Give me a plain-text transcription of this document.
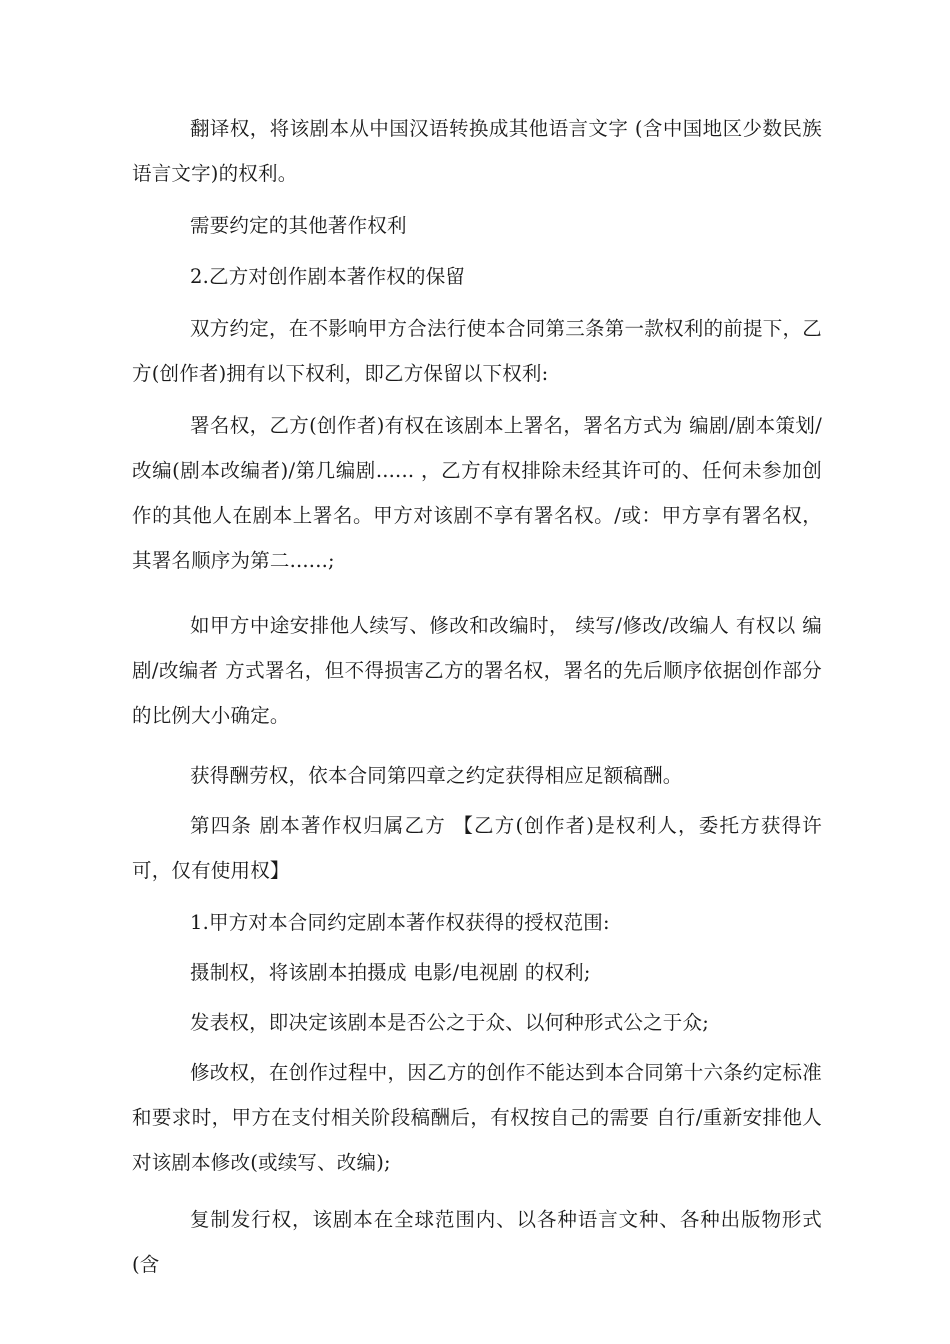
翻译权，将该剧本从中国汉语转换成其他语言文字 (含中国地区少数民族语言文字)的权利。

需要约定的其他著作权利

2.乙方对创作剧本著作权的保留

双方约定，在不影响甲方合法行使本合同第三条第一款权利的前提下，乙方(创作者)拥有以下权利，即乙方保留以下权利:

署名权，乙方(创作者)有权在该剧本上署名，署名方式为 编剧/剧本策划/改编(剧本改编者)/第几编剧...... ，乙方有权排除未经其许可的、任何未参加创作的其他人在剧本上署名。甲方对该剧不享有署名权。/或：甲方享有署名权，其署名顺序为第二......;

如甲方中途安排他人续写、修改和改编时， 续写/修改/改编人 有权以 编剧/改编者 方式署名，但不得损害乙方的署名权，署名的先后顺序依据创作部分的比例大小确定。

获得酬劳权，依本合同第四章之约定获得相应足额稿酬。

第四条 剧本著作权归属乙方 【乙方(创作者)是权利人，委托方获得许可，仅有使用权】

1.甲方对本合同约定剧本著作权获得的授权范围:

摄制权，将该剧本拍摄成 电影/电视剧 的权利;

发表权，即决定该剧本是否公之于众、以何种形式公之于众;

修改权，在创作过程中，因乙方的创作不能达到本合同第十六条约定标准和要求时，甲方在支付相关阶段稿酬后，有权按自己的需要 自行/重新安排他人对该剧本修改(或续写、改编);

复制发行权，该剧本在全球范围内、以各种语言文种、各种出版物形式(含
